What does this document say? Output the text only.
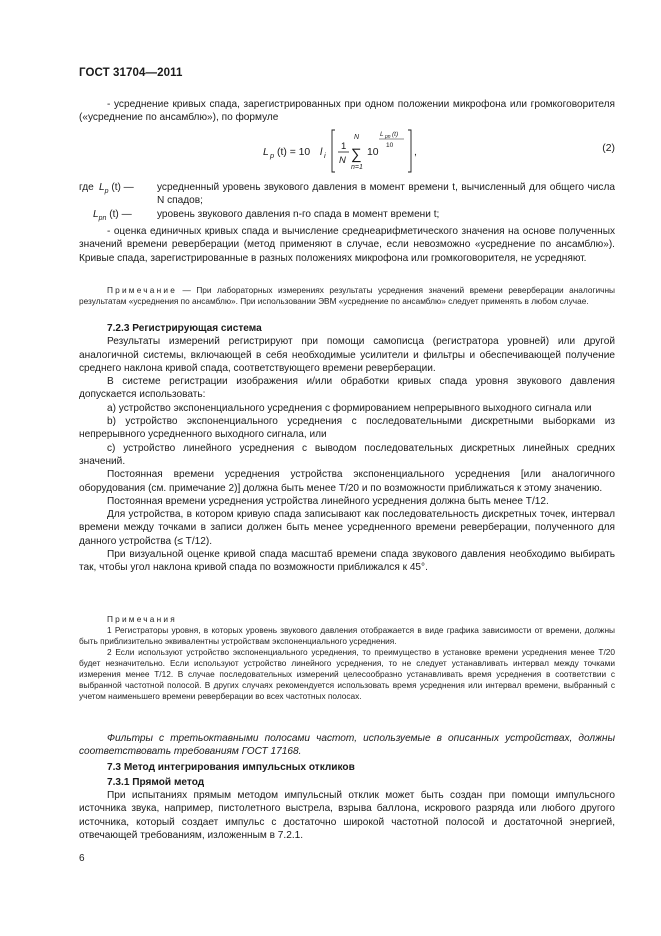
ГОСТ 31704—2011

- усреднение кривых спада, зарегистрированных при одном положении микрофона или громкоговорителя («усреднение по ансамблю»), по формуле

L p (t) = 10 l i
1
N
N
∑
n=1
10
L pn (t)
10
,	(2)
где $L_p$ (t) —	усредненный уровень звукового давления в момент времени t, вычисленный для общего числа N спадов;
$L_{pn}$ (t) —	уровень звукового давления n-го спада в момент времени t;

- оценка единичных кривых спада и вычисление среднеарифметического значения на основе полученных значений времени реверберации (метод применяют в случае, если невозможно «усреднение по ансамблю»). Кривые спада, зарегистрированные в разных положениях микрофона или громкоговорителя, не усредняют.

Примечание — При лабораторных измерениях результаты усреднения значений времени реверберации аналогичны результатам «усреднения по ансамблю». При использовании ЭВМ «усреднение по ансамблю» следует применять в любом случае.

7.2.3 Регистрирующая система

Результаты измерений регистрируют при помощи самописца (регистратора уровней) или другой аналогичной системы, включающей в себя необходимые усилители и фильтры и обеспечивающей получение среднего наклона кривой спада, соответствующего времени реверберации.

В системе регистрации изображения и/или обработки кривых спада уровня звукового давления допускается использовать:

a) устройство экспоненциального усреднения с формированием непрерывного выходного сигнала или

b) устройство экспоненциального усреднения с последовательными дискретными выборками из непрерывного усредненного выходного сигнала, или

c) устройство линейного усреднения с выводом последовательных дискретных линейных средних значений.

Постоянная времени усреднения устройства экспоненциального усреднения [или аналогичного оборудования (см. примечание 2)] должна быть менее T/20 и по возможности приближаться к этому значению.

Постоянная времени усреднения устройства линейного усреднения должна быть менее T/12.

Для устройства, в котором кривую спада записывают как последовательность дискретных точек, интервал времени между точками в записи должен быть менее усредненного времени реверберации, полученного для данного устройства (≤ T/12).

При визуальной оценке кривой спада масштаб времени спада звукового давления необходимо выбирать так, чтобы угол наклона кривой спада по возможности приближался к 45°.

Примечания

1 Регистраторы уровня, в которых уровень звукового давления отображается в виде графика зависимости от времени, должны быть приблизительно эквивалентны устройствам экспоненциального усреднения.

2 Если используют устройство экспоненциального усреднения, то преимущество в установке времени усреднения менее T/20 будет незначительно. Если используют устройство линейного усреднения, то не следует устанавливать интервал между точками измерения менее T/12. В случае последовательных измерений целесообразно устанавливать время усреднения в соответствии с выбранной частотной полосой. В других случаях рекомендуется использовать время усреднения или интервал времени, выбранный с учетом наименьшего времени реверберации во всех частотных полосах.

Фильтры с третьоктавными полосами частот, используемые в описанных устройствах, должны соответствовать требованиям ГОСТ 17168.

7.3 Метод интегрирования импульсных откликов

7.3.1 Прямой метод

При испытаниях прямым методом импульсный отклик может быть создан при помощи импульсного источника звука, например, пистолетного выстрела, взрыва баллона, искрового разряда или любого другого источника, который создает импульс с достаточно широкой частотной полосой и достаточной энергией, отвечающей требованиям, изложенным в 7.2.1.

6
